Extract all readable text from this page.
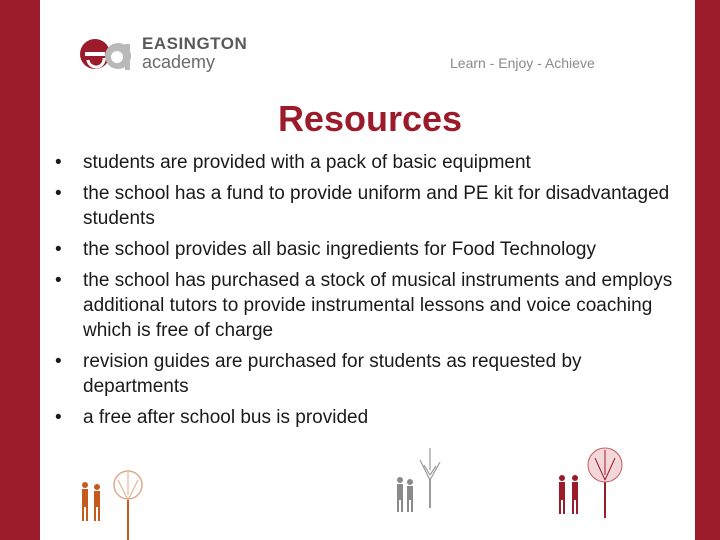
EASINGTON
academy	Learn - Enjoy - Achieve
Resources
• students are provided with a pack of basic equipment
• the school has a fund to provide uniform and PE kit for disadvantaged students
• the school provides all basic ingredients for Food Technology
• the school has purchased a stock of musical instruments and employs additional tutors to provide instrumental lessons and voice coaching which is free of charge
• revision guides are purchased for students as requested by departments
• a free after school bus is provided
